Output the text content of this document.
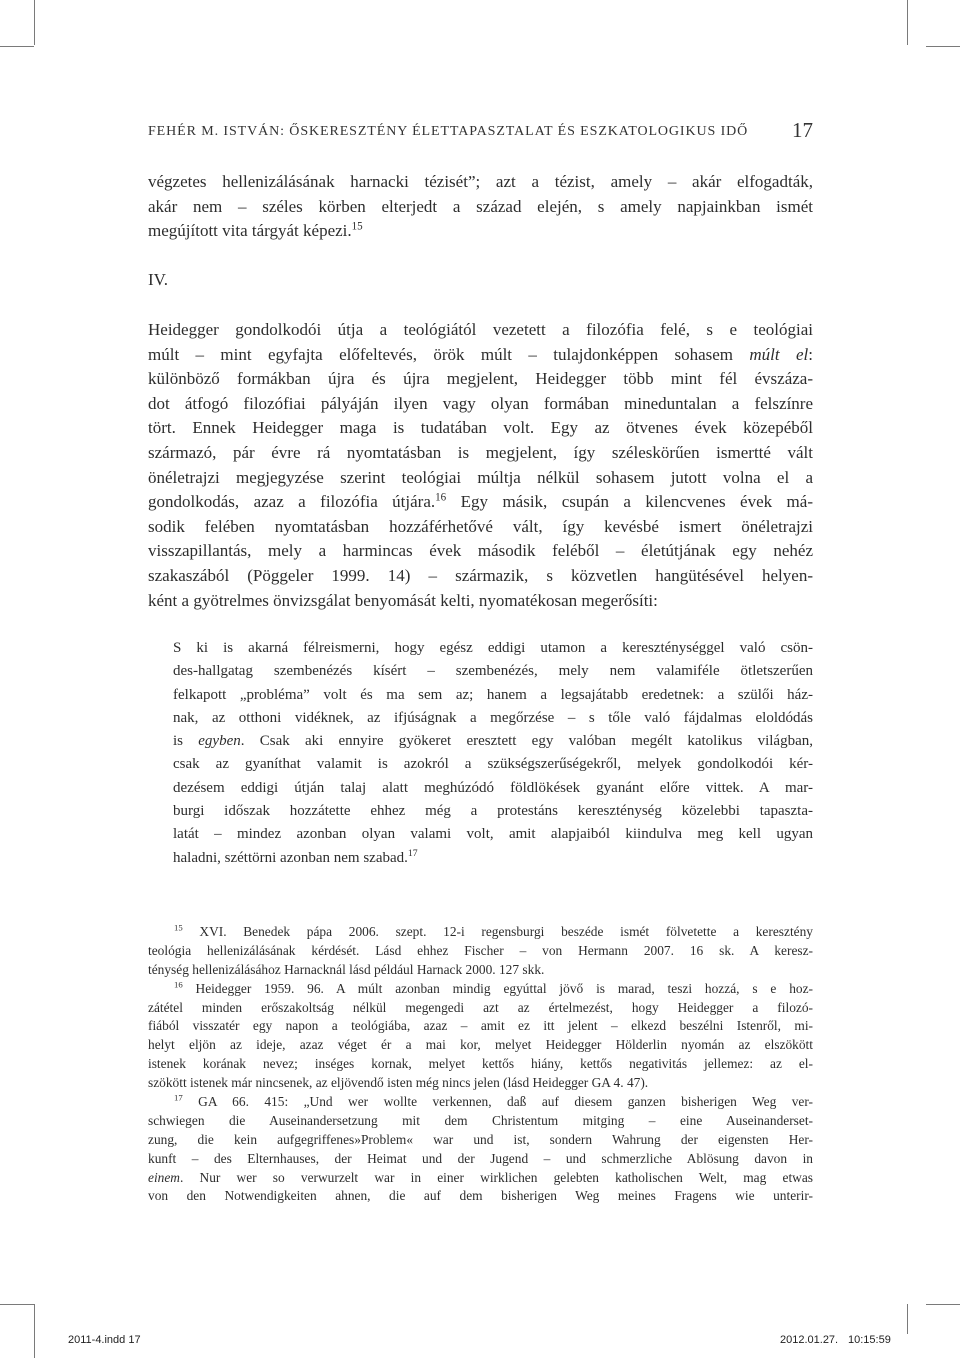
FEHÉR M. ISTVÁN: ŐSKERESZTÉNY ÉLETTAPASZTALAT ÉS ESZKATOLOGIKUS IDŐ 17
végzetes hellenizálásának harnacki tézisét”; azt a tézist, amely – akár elfogadták,
akár nem – széles körben elterjedt a század elején, s amely napjainkban ismét
megújított vita tárgyát képezi.$^{15}$
IV.
Heidegger gondolkodói útja a teológiától vezetett a filozófia felé, s e teológiai
múlt – mint egyfajta előfeltevés, örök múlt – tulajdonképpen sohasem múlt el:
különböző formákban újra és újra megjelent, Heidegger több mint fél évszáza-
dot átfogó filozófiai pályáján ilyen vagy olyan formában mineduntalan a felszínre
tört. Ennek Heidegger maga is tudatában volt. Egy az ötvenes évek közepéből
származó, pár évre rá nyomtatásban is megjelent, így széleskörűen ismertté vált
önéletrajzi megjegyzése szerint teológiai múltja nélkül sohasem jutott volna el a
gondolkodás, azaz a filozófia útjára.$^{16}$ Egy másik, csupán a kilencvenes évek má-
sodik felében nyomtatásban hozzáférhetővé vált, így kevésbé ismert önéletrajzi
visszapillantás, mely a harmincas évek második feléből – életútjának egy nehéz
szakaszából (Pöggeler 1999. 14) – származik, s közvetlen hangütésével helyen-
ként a gyötrelmes önvizsgálat benyomását kelti, nyomatékosan megerősíti:
S ki is akarná félreismerni, hogy egész eddigi utamon a kereszténységgel való csön-
des-hallgatag szembenézés kísért – szembenézés, mely nem valamiféle ötletszerűen
felkapott „probléma” volt és ma sem az; hanem a legsajátabb eredetnek: a szülői ház-
nak, az otthoni vidéknek, az ifjúságnak a megőrzése – s tőle való fájdalmas eloldódás
is egyben. Csak aki ennyire gyökeret eresztett egy valóban megélt katolikus világban,
csak az gyaníthat valamit is azokról a szükségszerűségekről, melyek gondolkodói kér-
dezésem eddigi útján talaj alatt meghúzódó földlökések gyanánt előre vittek. A mar-
burgi időszak hozzátette ehhez még a protestáns kereszténység közelebbi tapaszta-
latát – mindez azonban olyan valami volt, amit alapjaiból kiindulva meg kell ugyan
haladni, széttörni azonban nem szabad.$^{17}$
$^{15}$ XVI. Benedek pápa 2006. szept. 12-i regensburgi beszéde ismét fölvetette a keresztény
teológia hellenizálásának kérdését. Lásd ehhez Fischer – von Hermann 2007. 16 sk. A keresz-
ténység hellenizálásához Harnacknál lásd például Harnack 2000. 127 skk.
$^{16}$ Heidegger 1959. 96. A múlt azonban mindig egyúttal jövő is marad, teszi hozzá, s e hoz-
zátétel minden erőszakoltság nélkül megengedi azt az értelmezést, hogy Heidegger a filozó-
fiából visszatér egy napon a teológiába, azaz – amit ez itt jelent – elkezd beszélni Istenről, mi-
helyt eljön az ideje, azaz véget ér a mai kor, melyet Heidegger Hölderlin nyomán az elszökött
istenek korának nevez; inséges kornak, melyet kettős hiány, kettős negativitás jellemez: az el-
szökött istenek már nincsenek, az eljövendő isten még nincs jelen (lásd Heidegger GA 4. 47).
$^{17}$ GA 66. 415: „Und wer wollte verkennen, daß auf diesem ganzen bisherigen Weg ver-
schwiegen die Auseinandersetzung mit dem Christentum mitging – eine Auseinanderset-
zung, die kein aufgegriffenes»Problem« war und ist, sondern Wahrung der eigensten Her-
kunft – des Elternhauses, der Heimat und der Jugend – und schmerzliche Ablösung davon in
einem. Nur wer so verwurzelt war in einer wirklichen gelebten katholischen Welt, mag etwas
von den Notwendigkeiten ahnen, die auf dem bisherigen Weg meines Fragens wie unterir-
2011-4.indd 17	2012.01.27. 10:15:59
